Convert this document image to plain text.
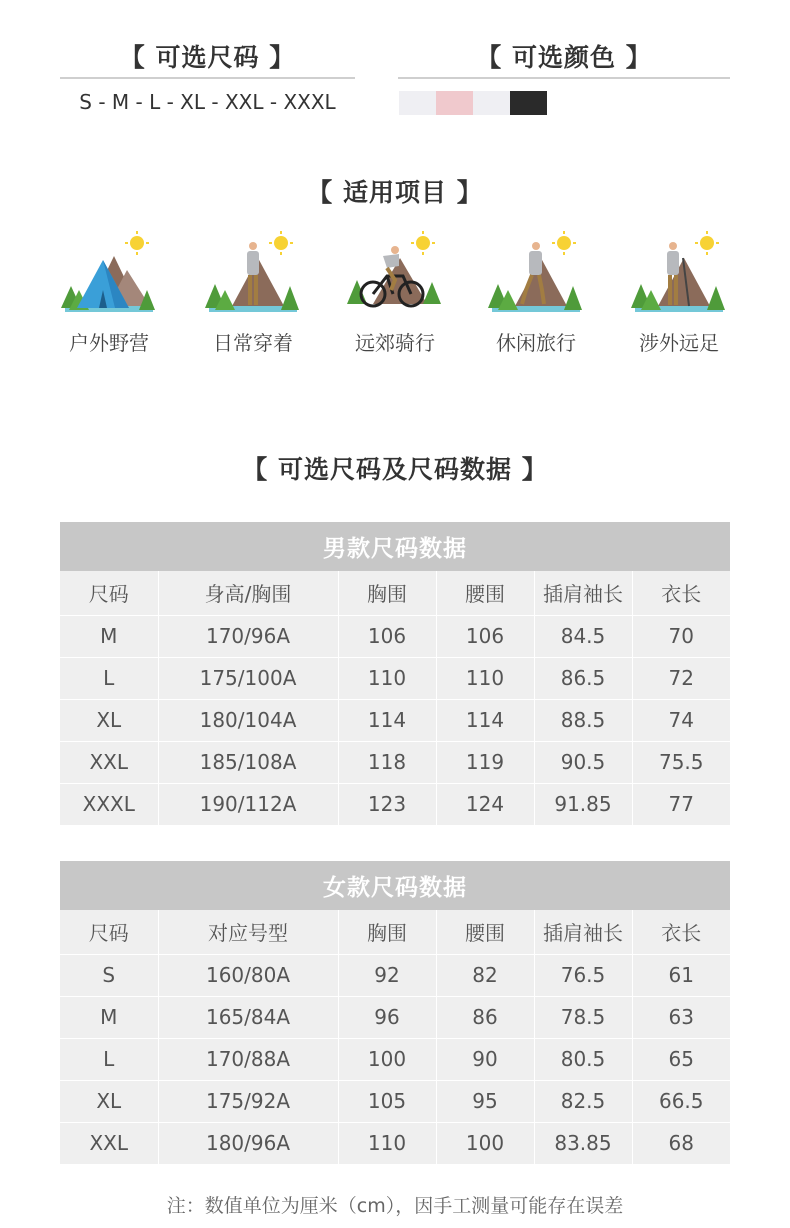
【 可选尺码 】
S - M - L - XL - XXL - XXXL
【 可选颜色 】
【 适用项目 】
户外野营	日常穿着	远郊骑行	休闲旅行	涉外远足
【 可选尺码及尺码数据 】
男款尺码数据					
尺码	身高/胸围	胸围	腰围	插肩袖长	衣长
M	170/96A	106	106	84.5	70
L	175/100A	110	110	86.5	72
XL	180/104A	114	114	88.5	74
XXL	185/108A	118	119	90.5	75.5
XXXL	190/112A	123	124	91.85	77
女款尺码数据					
尺码	对应号型	胸围	腰围	插肩袖长	衣长
S	160/80A	92	82	76.5	61
M	165/84A	96	86	78.5	63
L	170/88A	100	90	80.5	65
XL	175/92A	105	95	82.5	66.5
XXL	180/96A	110	100	83.85	68
注：数值单位为厘米（cm），因手工测量可能存在误差
